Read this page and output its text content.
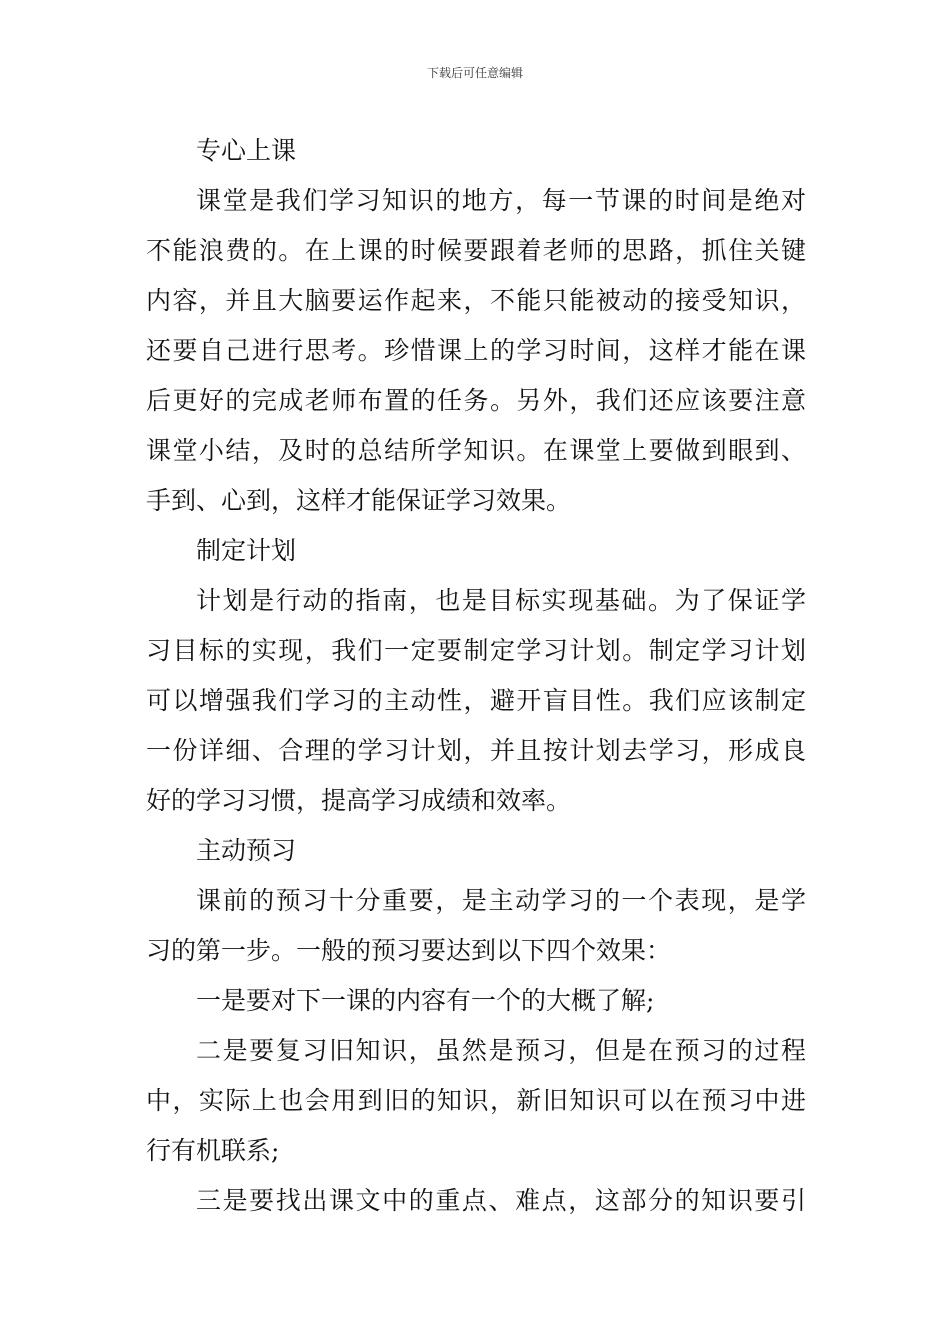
下载后可任意编辑
专心上课
课堂是我们学习知识的地方，每一节课的时间是绝对
不能浪费的。在上课的时候要跟着老师的思路，抓住关键
内容，并且大脑要运作起来，不能只能被动的接受知识，
还要自己进行思考。珍惜课上的学习时间，这样才能在课
后更好的完成老师布置的任务。另外，我们还应该要注意
课堂小结，及时的总结所学知识。在课堂上要做到眼到、
手到、心到，这样才能保证学习效果。
制定计划
计划是行动的指南，也是目标实现基础。为了保证学
习目标的实现，我们一定要制定学习计划。制定学习计划
可以增强我们学习的主动性，避开盲目性。我们应该制定
一份详细、合理的学习计划，并且按计划去学习，形成良
好的学习习惯，提高学习成绩和效率。
主动预习
课前的预习十分重要，是主动学习的一个表现，是学
习的第一步。一般的预习要达到以下四个效果：
一是要对下一课的内容有一个的大概了解;
二是要复习旧知识，虽然是预习，但是在预习的过程
中，实际上也会用到旧的知识，新旧知识可以在预习中进
行有机联系;
三是要找出课文中的重点、难点，这部分的知识要引
